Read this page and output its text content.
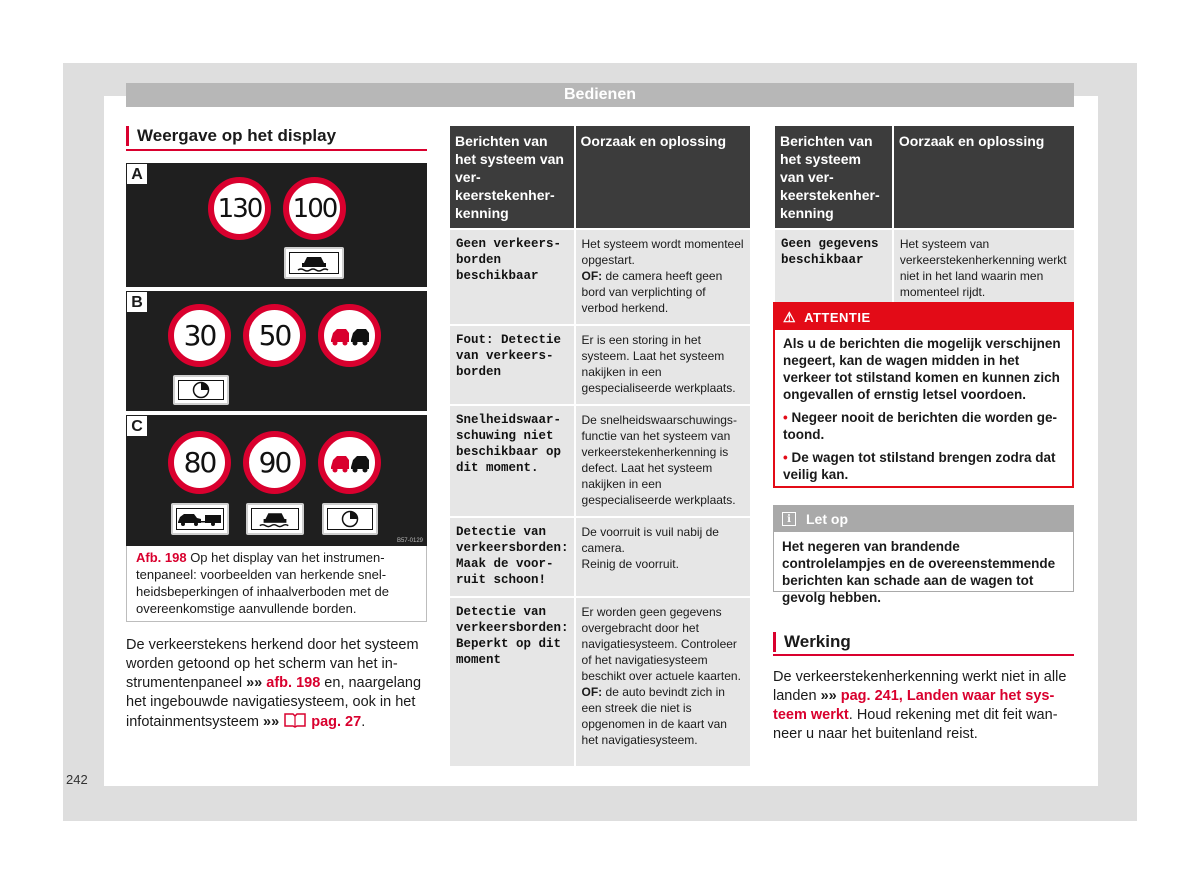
Bedienen
Weergave op het display
A
130	100
B
30	50
C
80	90
B57-0129
Afb. 198 Op het display van het instrumentenpaneel: voorbeelden van herkende snelheidsbeperkingen of inhaalverboden met de overeenkomstige aanvullende borden.
De verkeerstekens herkend door het systeem worden getoond op het scherm van het instrumentenpaneel »» afb. 198 en, naargelang het ingebouwde navigatiesysteem, ook in het infotainmentsysteem »»  pag. 27.
Berichten van het systeem van verkeerstekenherkenning	Oorzaak en oplossing
Geen verkeersborden beschikbaar	Het systeem wordt momenteel opgestart.
OF: de camera heeft geen bord van verplichting of verbod herkend.
Fout: Detectie van verkeersborden	Er is een storing in het systeem. Laat het systeem nakijken in een gespecialiseerde werkplaats.
Snelheidswaarschuwing niet beschikbaar op dit moment.	De snelheidswaarschuwingsfunctie van het systeem van verkeerstekenherkenning is defect. Laat het systeem nakijken in een gespecialiseerde werkplaats.
Detectie van verkeersborden: Maak de voorruit schoon!	De voorruit is vuil nabij de camera.
Reinig de voorruit.
Detectie van verkeersborden: Beperkt op dit moment	Er worden geen gegevens overgebracht door het navigatiesysteem. Controleer of het navigatiesysteem beschikt over actuele kaarten.
OF: de auto bevindt zich in een streek die niet is opgenomen in de kaart van het navigatiesysteem.
Berichten van het systeem van verkeerstekenherkenning	Oorzaak en oplossing
Geen gegevens beschikbaar	Het systeem van verkeerstekenherkenning werkt niet in het land waarin men momenteel rijdt.
⚠ ATTENTIE

Als u de berichten die mogelijk verschijnen negeert, kan de wagen midden in het verkeer tot stilstand komen en kunnen zich ongevallen of ernstig letsel voordoen.

• Negeer nooit de berichten die worden getoond.

• De wagen tot stilstand brengen zodra dat veilig kan.

i	Let op
Het negeren van brandende controlelampjes en de overeenstemmende berichten kan schade aan de wagen tot gevolg hebben.
Werking
De verkeerstekenherkenning werkt niet in alle landen »» pag. 241, Landen waar het systeem werkt. Houd rekening met dit feit wanneer u naar het buitenland reist.
242
